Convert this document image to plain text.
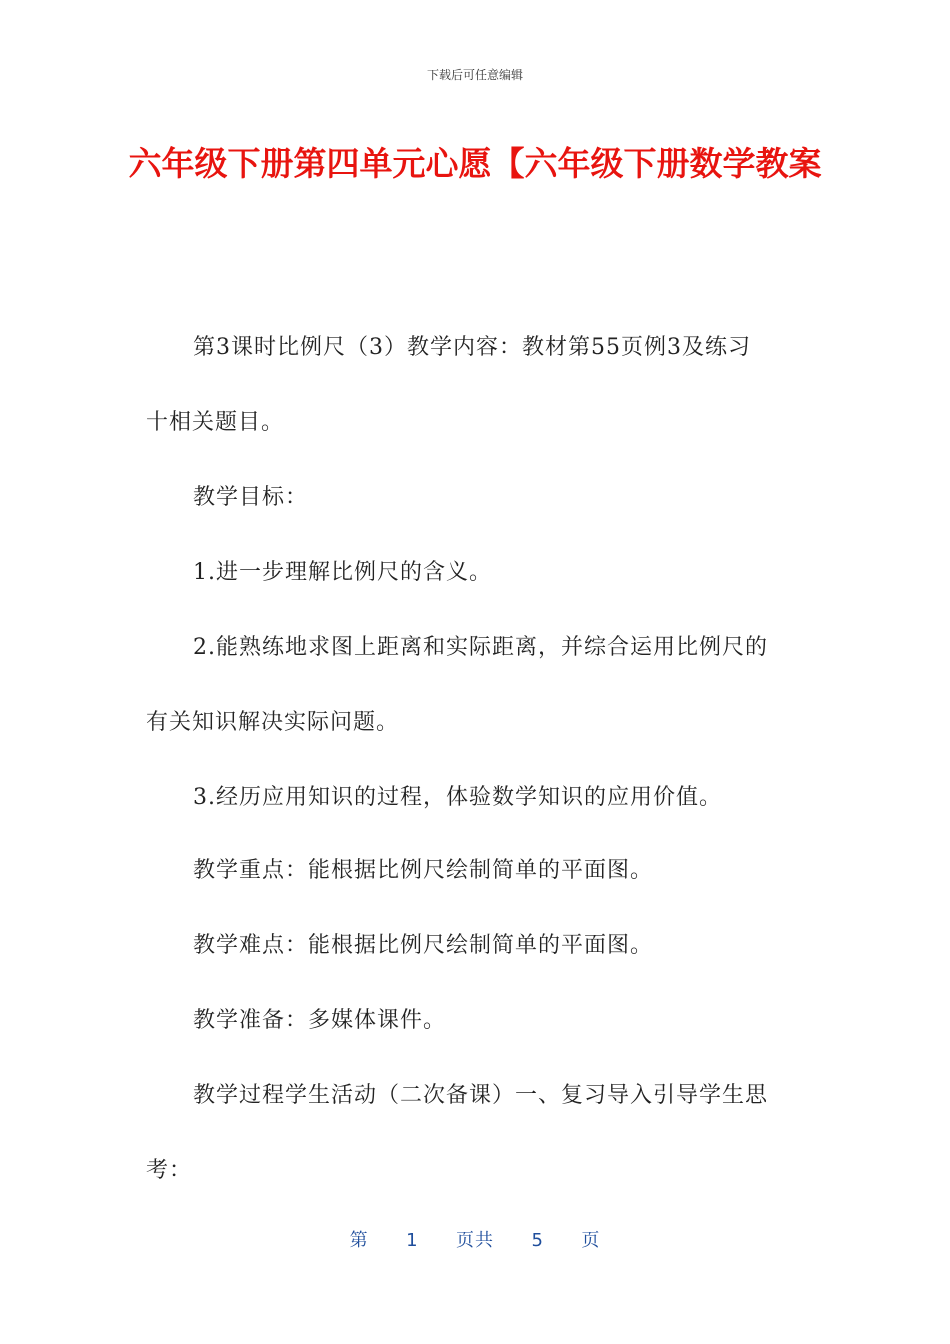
下载后可任意编辑
六年级下册第四单元心愿【六年级下册数学教案
第3课时比例尺（3）教学内容：教材第55页例3及练习
十相关题目。
教学目标：
1.进一步理解比例尺的含义。
2.能熟练地求图上距离和实际距离，并综合运用比例尺的
有关知识解决实际问题。
3.经历应用知识的过程，体验数学知识的应用价值。
教学重点：能根据比例尺绘制简单的平面图。
教学难点：能根据比例尺绘制简单的平面图。
教学准备：多媒体课件。
教学过程学生活动（二次备课）一、复习导入引导学生思
考：
第 1 页共 5 页
